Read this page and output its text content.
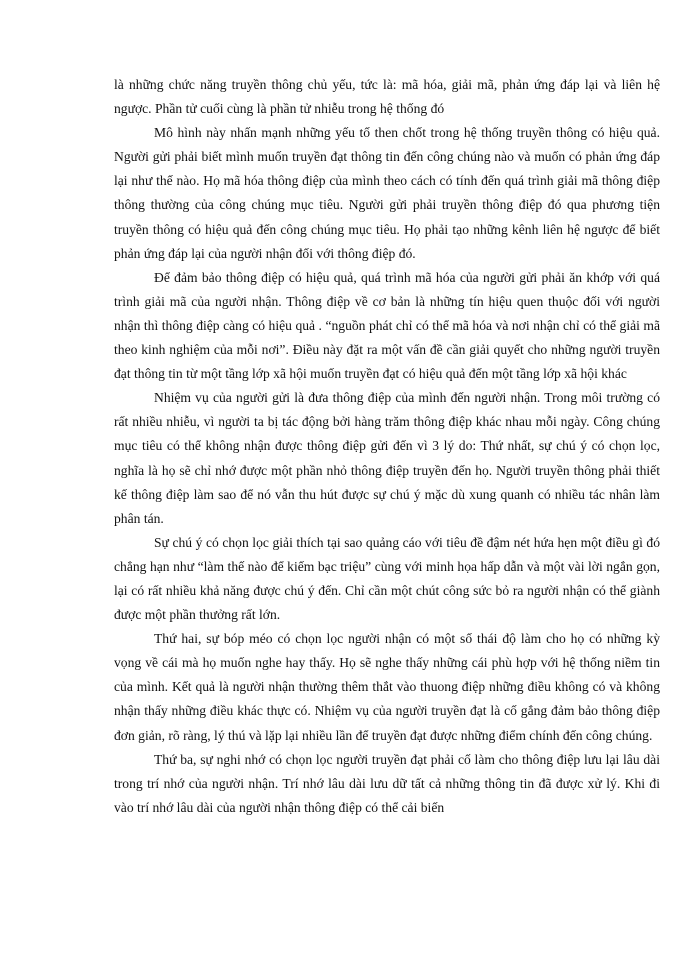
là những chức năng truyền thông chủ yếu, tức là: mã hóa, giải mã, phản ứng đáp lại và liên hệ ngược. Phần tử cuối cùng là phần tử nhiễu trong hệ thống đó

Mô hình này nhấn mạnh những yếu tố then chốt trong hệ thống truyền thông có hiệu quả. Người gửi phải biết mình muốn truyền đạt thông tin đến công chúng nào và muốn có phản ứng đáp lại như thế nào. Họ mã hóa thông điệp của mình theo cách có tính đến quá trình giải mã thông điệp thông thường của công chúng mục tiêu. Người gửi phải truyền thông điệp đó qua phương tiện truyền thông có hiệu quả đến công chúng mục tiêu. Họ phải tạo những kênh liên hệ ngược để biết phản ứng đáp lại của người nhận đối với thông điệp đó.

Để đảm bảo thông điệp có hiệu quả, quá trình mã hóa của người gửi phải ăn khớp với quá trình giải mã của người nhận. Thông điệp về cơ bản là những tín hiệu quen thuộc đối với người nhận thì thông điệp càng có hiệu quả . “nguồn phát chỉ có thể mã hóa và nơi nhận chỉ có thể giải mã theo kinh nghiệm của mỗi nơi”. Điều này đặt ra một vấn đề cần giải quyết cho những người truyền đạt thông tin từ một tầng lớp xã hội muốn truyền đạt có hiệu quả đến một tầng lớp xã hội khác

Nhiệm vụ của người gửi là đưa thông điệp của mình đến người nhận. Trong môi trường có rất nhiều nhiễu, vì người ta bị tác động bởi hàng trăm thông điệp khác nhau mỗi ngày. Công chúng mục tiêu có thể không nhận được thông điệp gửi đến vì 3 lý do: Thứ nhất, sự chú ý có chọn lọc, nghĩa là họ sẽ chỉ nhớ được một phần nhỏ thông điệp truyền đến họ. Người truyền thông phải thiết kế thông điệp làm sao để nó vẫn thu hút được sự chú ý mặc dù xung quanh có nhiều tác nhân làm phân tán.

Sự chú ý có chọn lọc giải thích tại sao quảng cáo với tiêu đề đậm nét hứa hẹn một điều gì đó chẳng hạn như “làm thế nào để kiếm bạc triệu” cùng với minh họa hấp dẫn và một vài lời ngắn gọn, lại có rất nhiều khả năng được chú ý đến. Chỉ cần một chút công sức bỏ ra người nhận có thể giành được một phần thưởng rất lớn.

Thứ hai, sự bóp méo có chọn lọc người nhận có một số thái độ làm cho họ có những kỳ vọng về cái mà họ muốn nghe hay thấy. Họ sẽ nghe thấy những cái phù hợp với hệ thống niềm tin của mình. Kết quả là người nhận thường thêm thắt vào thuong điệp những điều không có và không nhận thấy những điều khác thực có. Nhiệm vụ của người truyền đạt là cố gắng đảm bảo thông điệp đơn giản, rõ ràng, lý thú và lặp lại nhiều lần để truyền đạt được những điểm chính đến công chúng.

Thứ ba, sự nghi nhớ có chọn lọc người truyền đạt phải cố làm cho thông điệp lưu lại lâu dài trong trí nhớ của người nhận. Trí nhớ lâu dài lưu dữ tất cả những thông tin đã được xử lý. Khi đi vào trí nhớ lâu dài của người nhận thông điệp có thể cải biến
